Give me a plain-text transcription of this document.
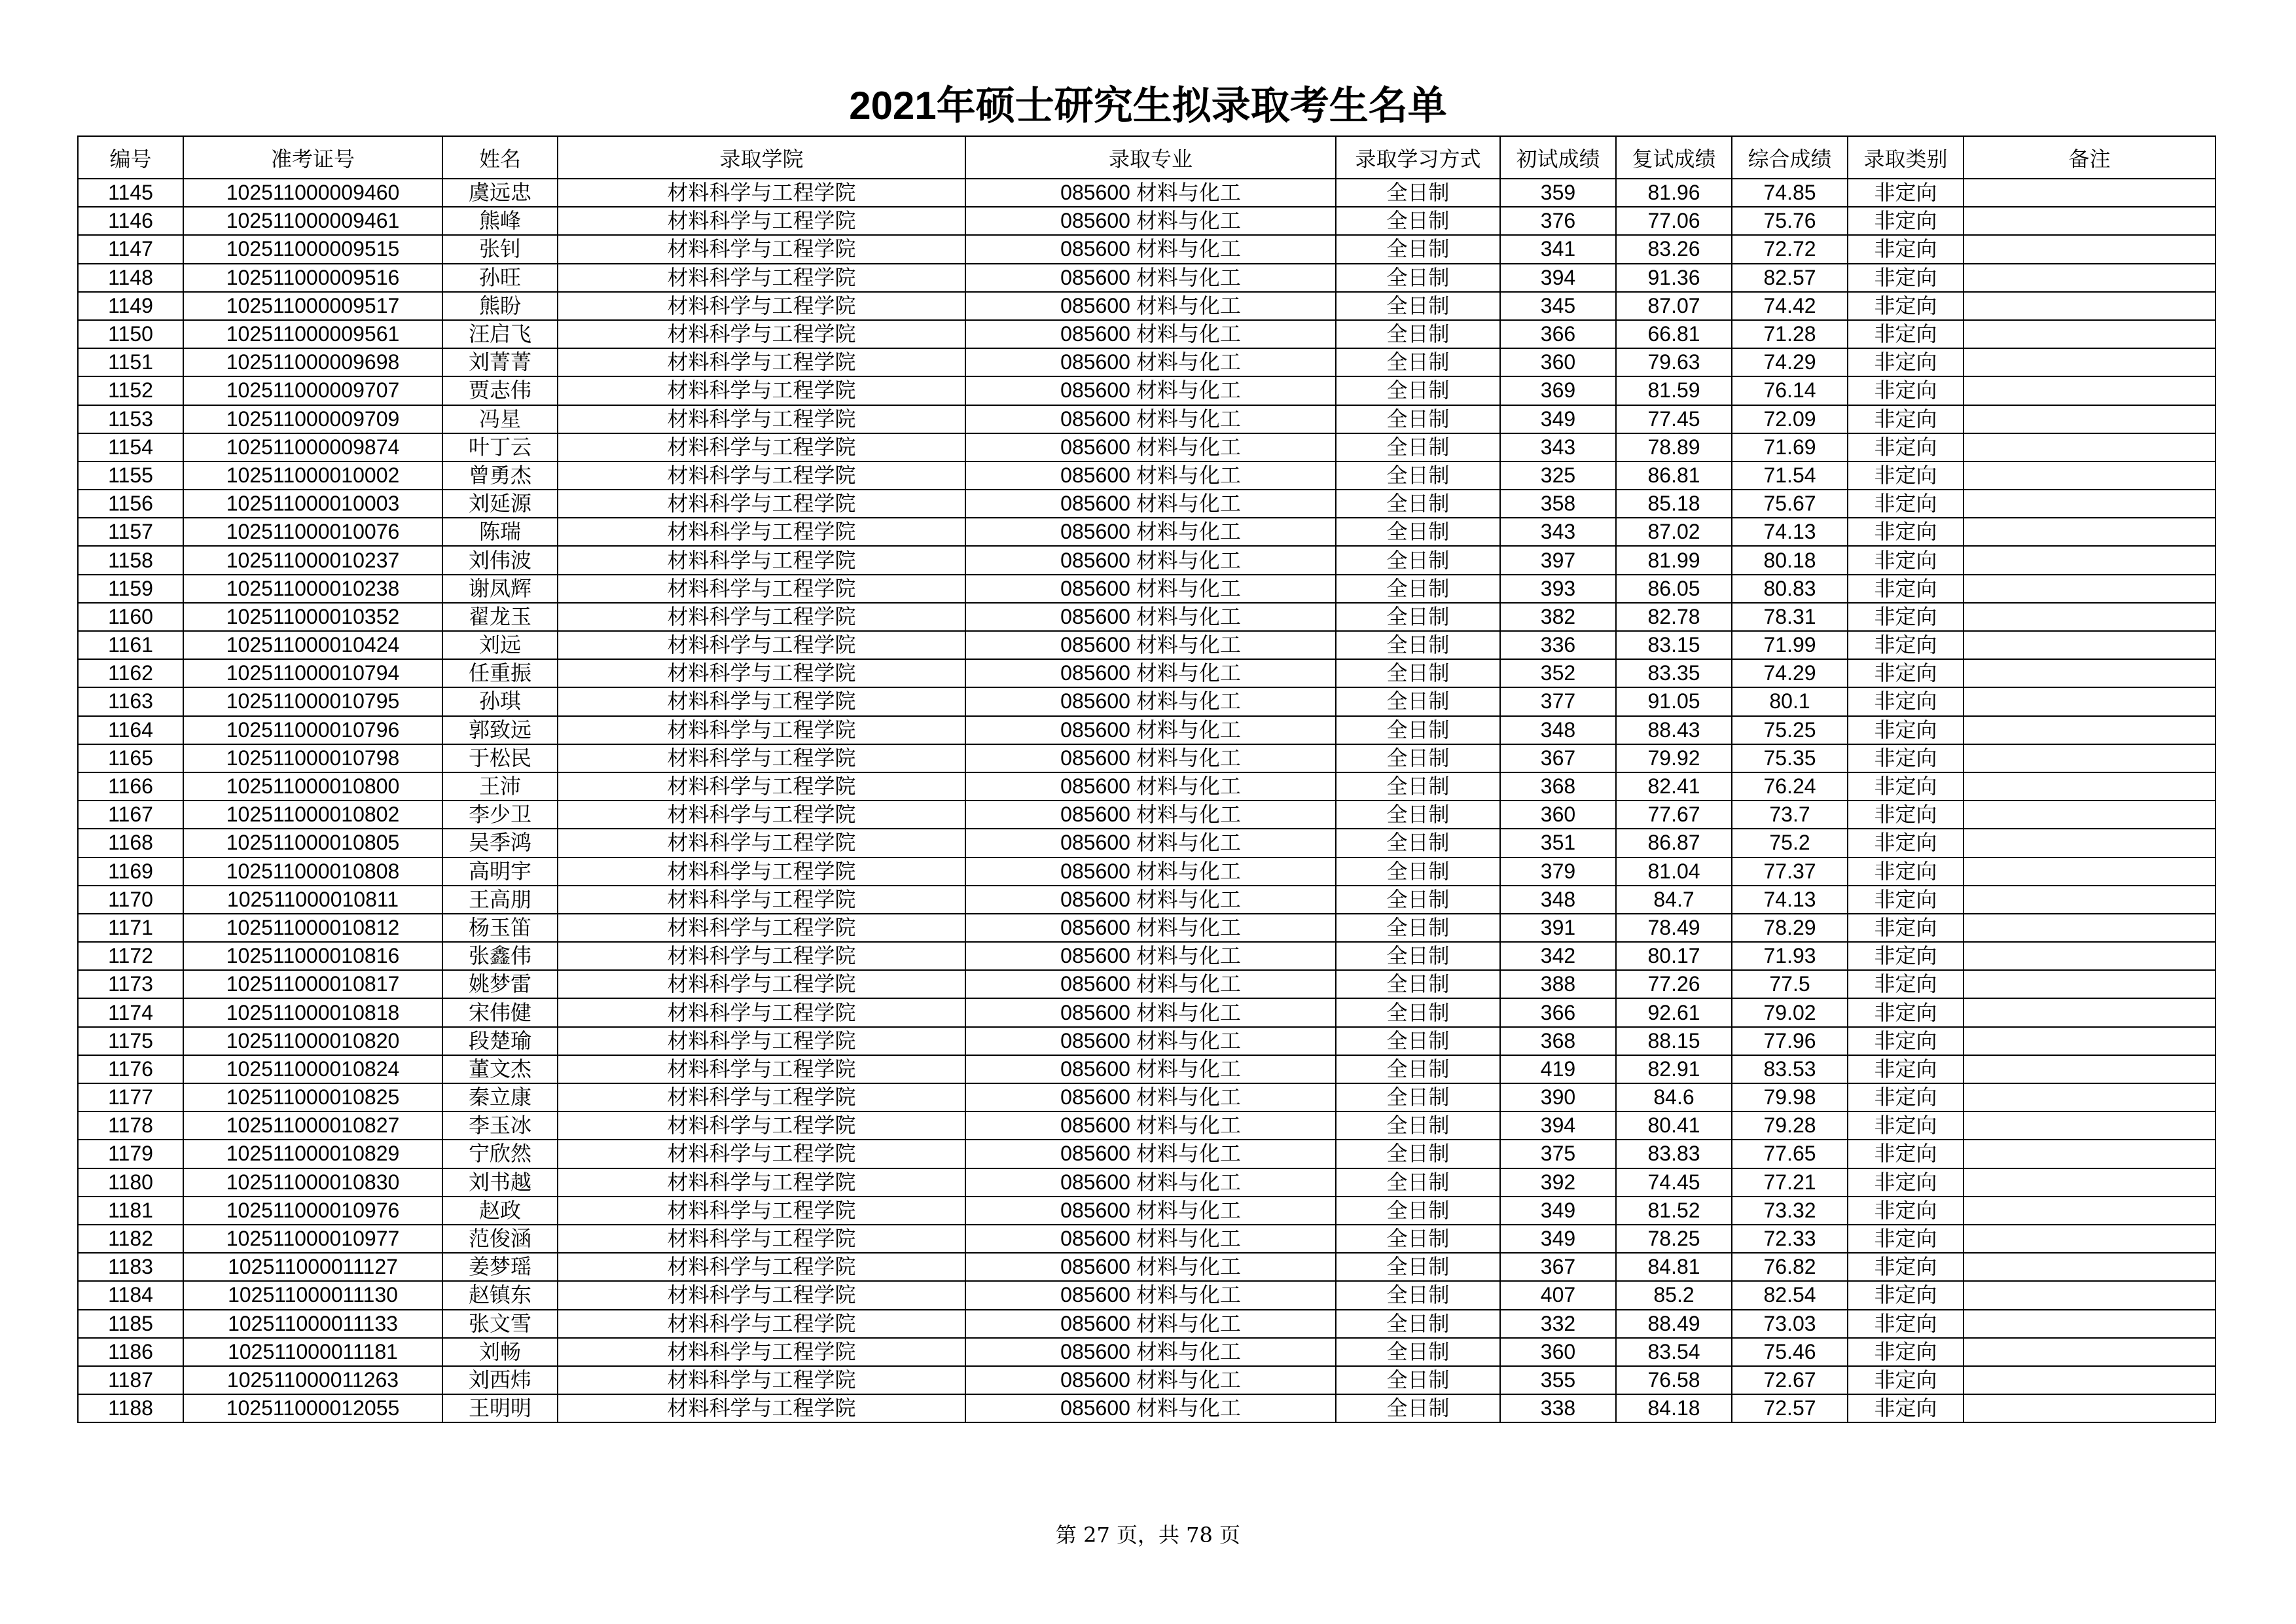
2021年硕士研究生拟录取考生名单
编号	准考证号	姓名	录取学院	录取专业	录取学习方式	初试成绩	复试成绩	综合成绩	录取类别	备注
1145	102511000009460	虞远忠	材料科学与工程学院	085600 材料与化工	全日制	359	81.96	74.85	非定向	
1146	102511000009461	熊峰	材料科学与工程学院	085600 材料与化工	全日制	376	77.06	75.76	非定向	
1147	102511000009515	张钊	材料科学与工程学院	085600 材料与化工	全日制	341	83.26	72.72	非定向	
1148	102511000009516	孙旺	材料科学与工程学院	085600 材料与化工	全日制	394	91.36	82.57	非定向	
1149	102511000009517	熊盼	材料科学与工程学院	085600 材料与化工	全日制	345	87.07	74.42	非定向	
1150	102511000009561	汪启飞	材料科学与工程学院	085600 材料与化工	全日制	366	66.81	71.28	非定向	
1151	102511000009698	刘菁菁	材料科学与工程学院	085600 材料与化工	全日制	360	79.63	74.29	非定向	
1152	102511000009707	贾志伟	材料科学与工程学院	085600 材料与化工	全日制	369	81.59	76.14	非定向	
1153	102511000009709	冯星	材料科学与工程学院	085600 材料与化工	全日制	349	77.45	72.09	非定向	
1154	102511000009874	叶丁云	材料科学与工程学院	085600 材料与化工	全日制	343	78.89	71.69	非定向	
1155	102511000010002	曾勇杰	材料科学与工程学院	085600 材料与化工	全日制	325	86.81	71.54	非定向	
1156	102511000010003	刘延源	材料科学与工程学院	085600 材料与化工	全日制	358	85.18	75.67	非定向	
1157	102511000010076	陈瑞	材料科学与工程学院	085600 材料与化工	全日制	343	87.02	74.13	非定向	
1158	102511000010237	刘伟波	材料科学与工程学院	085600 材料与化工	全日制	397	81.99	80.18	非定向	
1159	102511000010238	谢凤辉	材料科学与工程学院	085600 材料与化工	全日制	393	86.05	80.83	非定向	
1160	102511000010352	翟龙玉	材料科学与工程学院	085600 材料与化工	全日制	382	82.78	78.31	非定向	
1161	102511000010424	刘远	材料科学与工程学院	085600 材料与化工	全日制	336	83.15	71.99	非定向	
1162	102511000010794	任重振	材料科学与工程学院	085600 材料与化工	全日制	352	83.35	74.29	非定向	
1163	102511000010795	孙琪	材料科学与工程学院	085600 材料与化工	全日制	377	91.05	80.1	非定向	
1164	102511000010796	郭致远	材料科学与工程学院	085600 材料与化工	全日制	348	88.43	75.25	非定向	
1165	102511000010798	于松民	材料科学与工程学院	085600 材料与化工	全日制	367	79.92	75.35	非定向	
1166	102511000010800	王沛	材料科学与工程学院	085600 材料与化工	全日制	368	82.41	76.24	非定向	
1167	102511000010802	李少卫	材料科学与工程学院	085600 材料与化工	全日制	360	77.67	73.7	非定向	
1168	102511000010805	吴季鸿	材料科学与工程学院	085600 材料与化工	全日制	351	86.87	75.2	非定向	
1169	102511000010808	高明宇	材料科学与工程学院	085600 材料与化工	全日制	379	81.04	77.37	非定向	
1170	102511000010811	王高朋	材料科学与工程学院	085600 材料与化工	全日制	348	84.7	74.13	非定向	
1171	102511000010812	杨玉笛	材料科学与工程学院	085600 材料与化工	全日制	391	78.49	78.29	非定向	
1172	102511000010816	张鑫伟	材料科学与工程学院	085600 材料与化工	全日制	342	80.17	71.93	非定向	
1173	102511000010817	姚梦雷	材料科学与工程学院	085600 材料与化工	全日制	388	77.26	77.5	非定向	
1174	102511000010818	宋伟健	材料科学与工程学院	085600 材料与化工	全日制	366	92.61	79.02	非定向	
1175	102511000010820	段楚瑜	材料科学与工程学院	085600 材料与化工	全日制	368	88.15	77.96	非定向	
1176	102511000010824	董文杰	材料科学与工程学院	085600 材料与化工	全日制	419	82.91	83.53	非定向	
1177	102511000010825	秦立康	材料科学与工程学院	085600 材料与化工	全日制	390	84.6	79.98	非定向	
1178	102511000010827	李玉冰	材料科学与工程学院	085600 材料与化工	全日制	394	80.41	79.28	非定向	
1179	102511000010829	宁欣然	材料科学与工程学院	085600 材料与化工	全日制	375	83.83	77.65	非定向	
1180	102511000010830	刘书越	材料科学与工程学院	085600 材料与化工	全日制	392	74.45	77.21	非定向	
1181	102511000010976	赵政	材料科学与工程学院	085600 材料与化工	全日制	349	81.52	73.32	非定向	
1182	102511000010977	范俊涵	材料科学与工程学院	085600 材料与化工	全日制	349	78.25	72.33	非定向	
1183	102511000011127	姜梦瑶	材料科学与工程学院	085600 材料与化工	全日制	367	84.81	76.82	非定向	
1184	102511000011130	赵镇东	材料科学与工程学院	085600 材料与化工	全日制	407	85.2	82.54	非定向	
1185	102511000011133	张文雪	材料科学与工程学院	085600 材料与化工	全日制	332	88.49	73.03	非定向	
1186	102511000011181	刘畅	材料科学与工程学院	085600 材料与化工	全日制	360	83.54	75.46	非定向	
1187	102511000011263	刘西炜	材料科学与工程学院	085600 材料与化工	全日制	355	76.58	72.67	非定向	
1188	102511000012055	王明明	材料科学与工程学院	085600 材料与化工	全日制	338	84.18	72.57	非定向	
第 27 页，共 78 页
